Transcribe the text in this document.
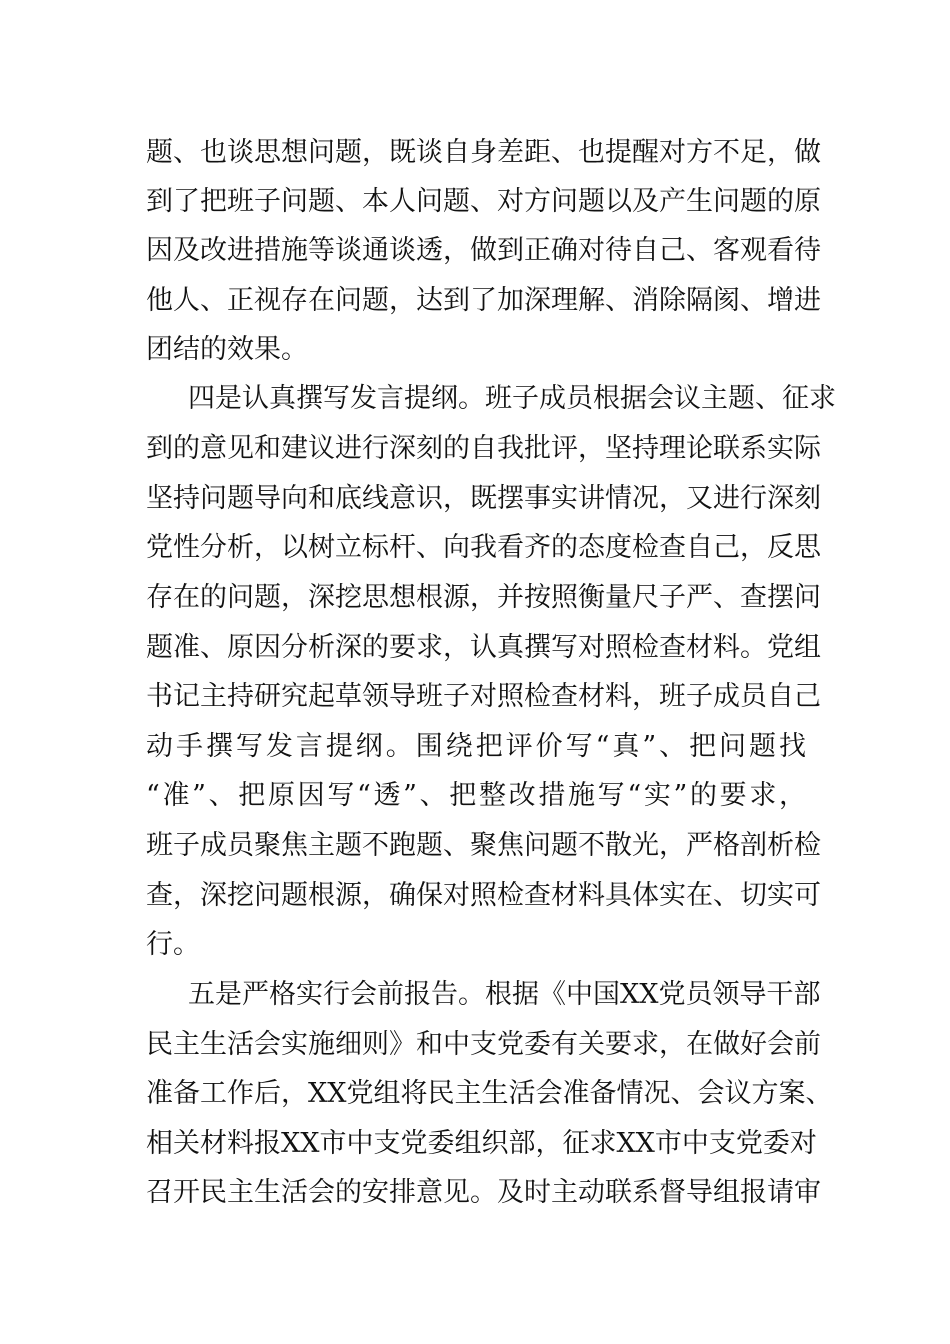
题、也谈思想问题，既谈自身差距、也提醒对方不足，做
到了把班子问题、本人问题、对方问题以及产生问题的原
因及改进措施等谈通谈透，做到正确对待自己、客观看待
他人、正视存在问题，达到了加深理解、消除隔阂、增进
团结的效果。
四是认真撰写发言提纲。班子成员根据会议主题、征求
到的意见和建议进行深刻的自我批评，坚持理论联系实际
坚持问题导向和底线意识，既摆事实讲情况，又进行深刻
党性分析，以树立标杆、向我看齐的态度检查自己，反思
存在的问题，深挖思想根源，并按照衡量尺子严、查摆问
题准、原因分析深的要求，认真撰写对照检查材料。党组
书记主持研究起草领导班子对照检查材料，班子成员自己
动手撰写发言提纲。围绕把评价写“真”、把问题找
“准”、把原因写“透”、把整改措施写“实”的要求，
班子成员聚焦主题不跑题、聚焦问题不散光，严格剖析检
查，深挖问题根源，确保对照检查材料具体实在、切实可
行。
五是严格实行会前报告。根据《中国XX党员领导干部
民主生活会实施细则》和中支党委有关要求，在做好会前
准备工作后，XX党组将民主生活会准备情况、会议方案、
相关材料报XX市中支党委组织部，征求XX市中支党委对
召开民主生活会的安排意见。及时主动联系督导组报请审
